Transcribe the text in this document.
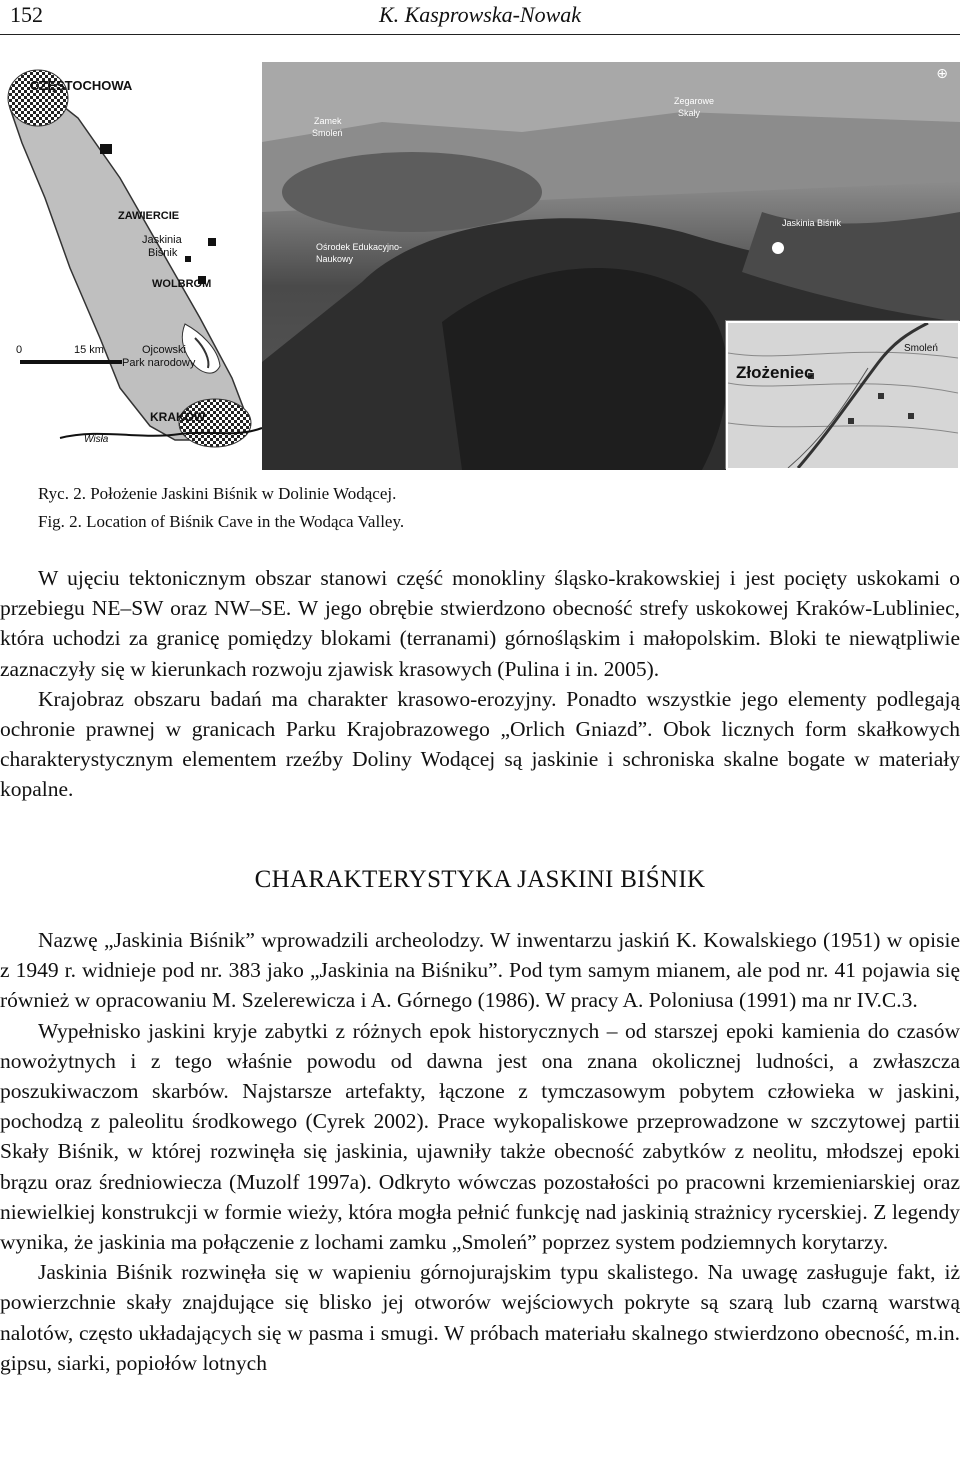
152	K. Kasprowska-Nowak
CZĘSTOCHOWA
ZAWIERCIE
Jaskinia
Biśnik
WOLBROM
Ojcowski
Park narodowy
KRAKÓW
Wisła
0	15 km
Zamek
Smoleń
Zegarowe
Skały
Jaskinia Biśnik
Ośrodek Edukacyjno-
Naukowy
⊕
Złożeniec
Smoleń
Ryc. 2. Położenie Jaskini Biśnik w Dolinie Wodącej.
Fig. 2. Location of Biśnik Cave in the Wodąca Valley.

W ujęciu tektonicznym obszar stanowi część monokliny śląsko-krakowskiej i jest pocięty uskokami o przebiegu NE–SW oraz NW–SE. W jego obrębie stwierdzono obecność strefy uskokowej Kraków-Lubliniec, która uchodzi za granicę pomiędzy blokami (terranami) górnośląskim i małopolskim. Bloki te niewątpliwie zaznaczyły się w kierunkach rozwoju zjawisk krasowych (Pulina i in. 2005).

Krajobraz obszaru badań ma charakter krasowo-erozyjny. Ponadto wszystkie jego elementy podlegają ochronie prawnej w granicach Parku Krajobrazowego „Orlich Gniazd”. Obok licznych form skałkowych charakterystycznym elementem rzeźby Doliny Wodącej są jaskinie i schroniska skalne bogate w materiały kopalne.

CHARAKTERYSTYKA JASKINI BIŚNIK

Nazwę „Jaskinia Biśnik” wprowadzili archeolodzy. W inwentarzu jaskiń K. Kowalskiego (1951) w opisie z 1949 r. widnieje pod nr. 383 jako „Jaskinia na Biśniku”. Pod tym samym mianem, ale pod nr. 41 pojawia się również w opracowaniu M. Szelerewicza i A. Górnego (1986). W pracy A. Poloniusa (1991) ma nr IV.C.3.

Wypełnisko jaskini kryje zabytki z różnych epok historycznych – od starszej epoki kamienia do czasów nowożytnych i z tego właśnie powodu od dawna jest ona znana okolicznej ludności, a zwłaszcza poszukiwaczom skarbów. Najstarsze artefakty, łączone z tymczasowym pobytem człowieka w jaskini, pochodzą z paleolitu środkowego (Cyrek 2002). Prace wykopaliskowe przeprowadzone w szczytowej partii Skały Biśnik, w której rozwinęła się jaskinia, ujawniły także obecność zabytków z neolitu, młodszej epoki brązu oraz średniowiecza (Muzolf 1997a). Odkryto wówczas pozostałości po pracowni krzemieniarskiej oraz niewielkiej konstrukcji w formie wieży, która mogła pełnić funkcję nad jaskinią strażnicy rycerskiej. Z legendy wynika, że jaskinia ma połączenie z lochami zamku „Smoleń” poprzez system podziemnych korytarzy.

Jaskinia Biśnik rozwinęła się w wapieniu górnojurajskim typu skalistego. Na uwagę zasługuje fakt, iż powierzchnie skały znajdujące się blisko jej otworów wejściowych pokryte są szarą lub czarną warstwą nalotów, często układających się w pasma i smugi. W próbach materiału skalnego stwierdzono obecność, m.in. gipsu, siarki, popiołów lotnych
